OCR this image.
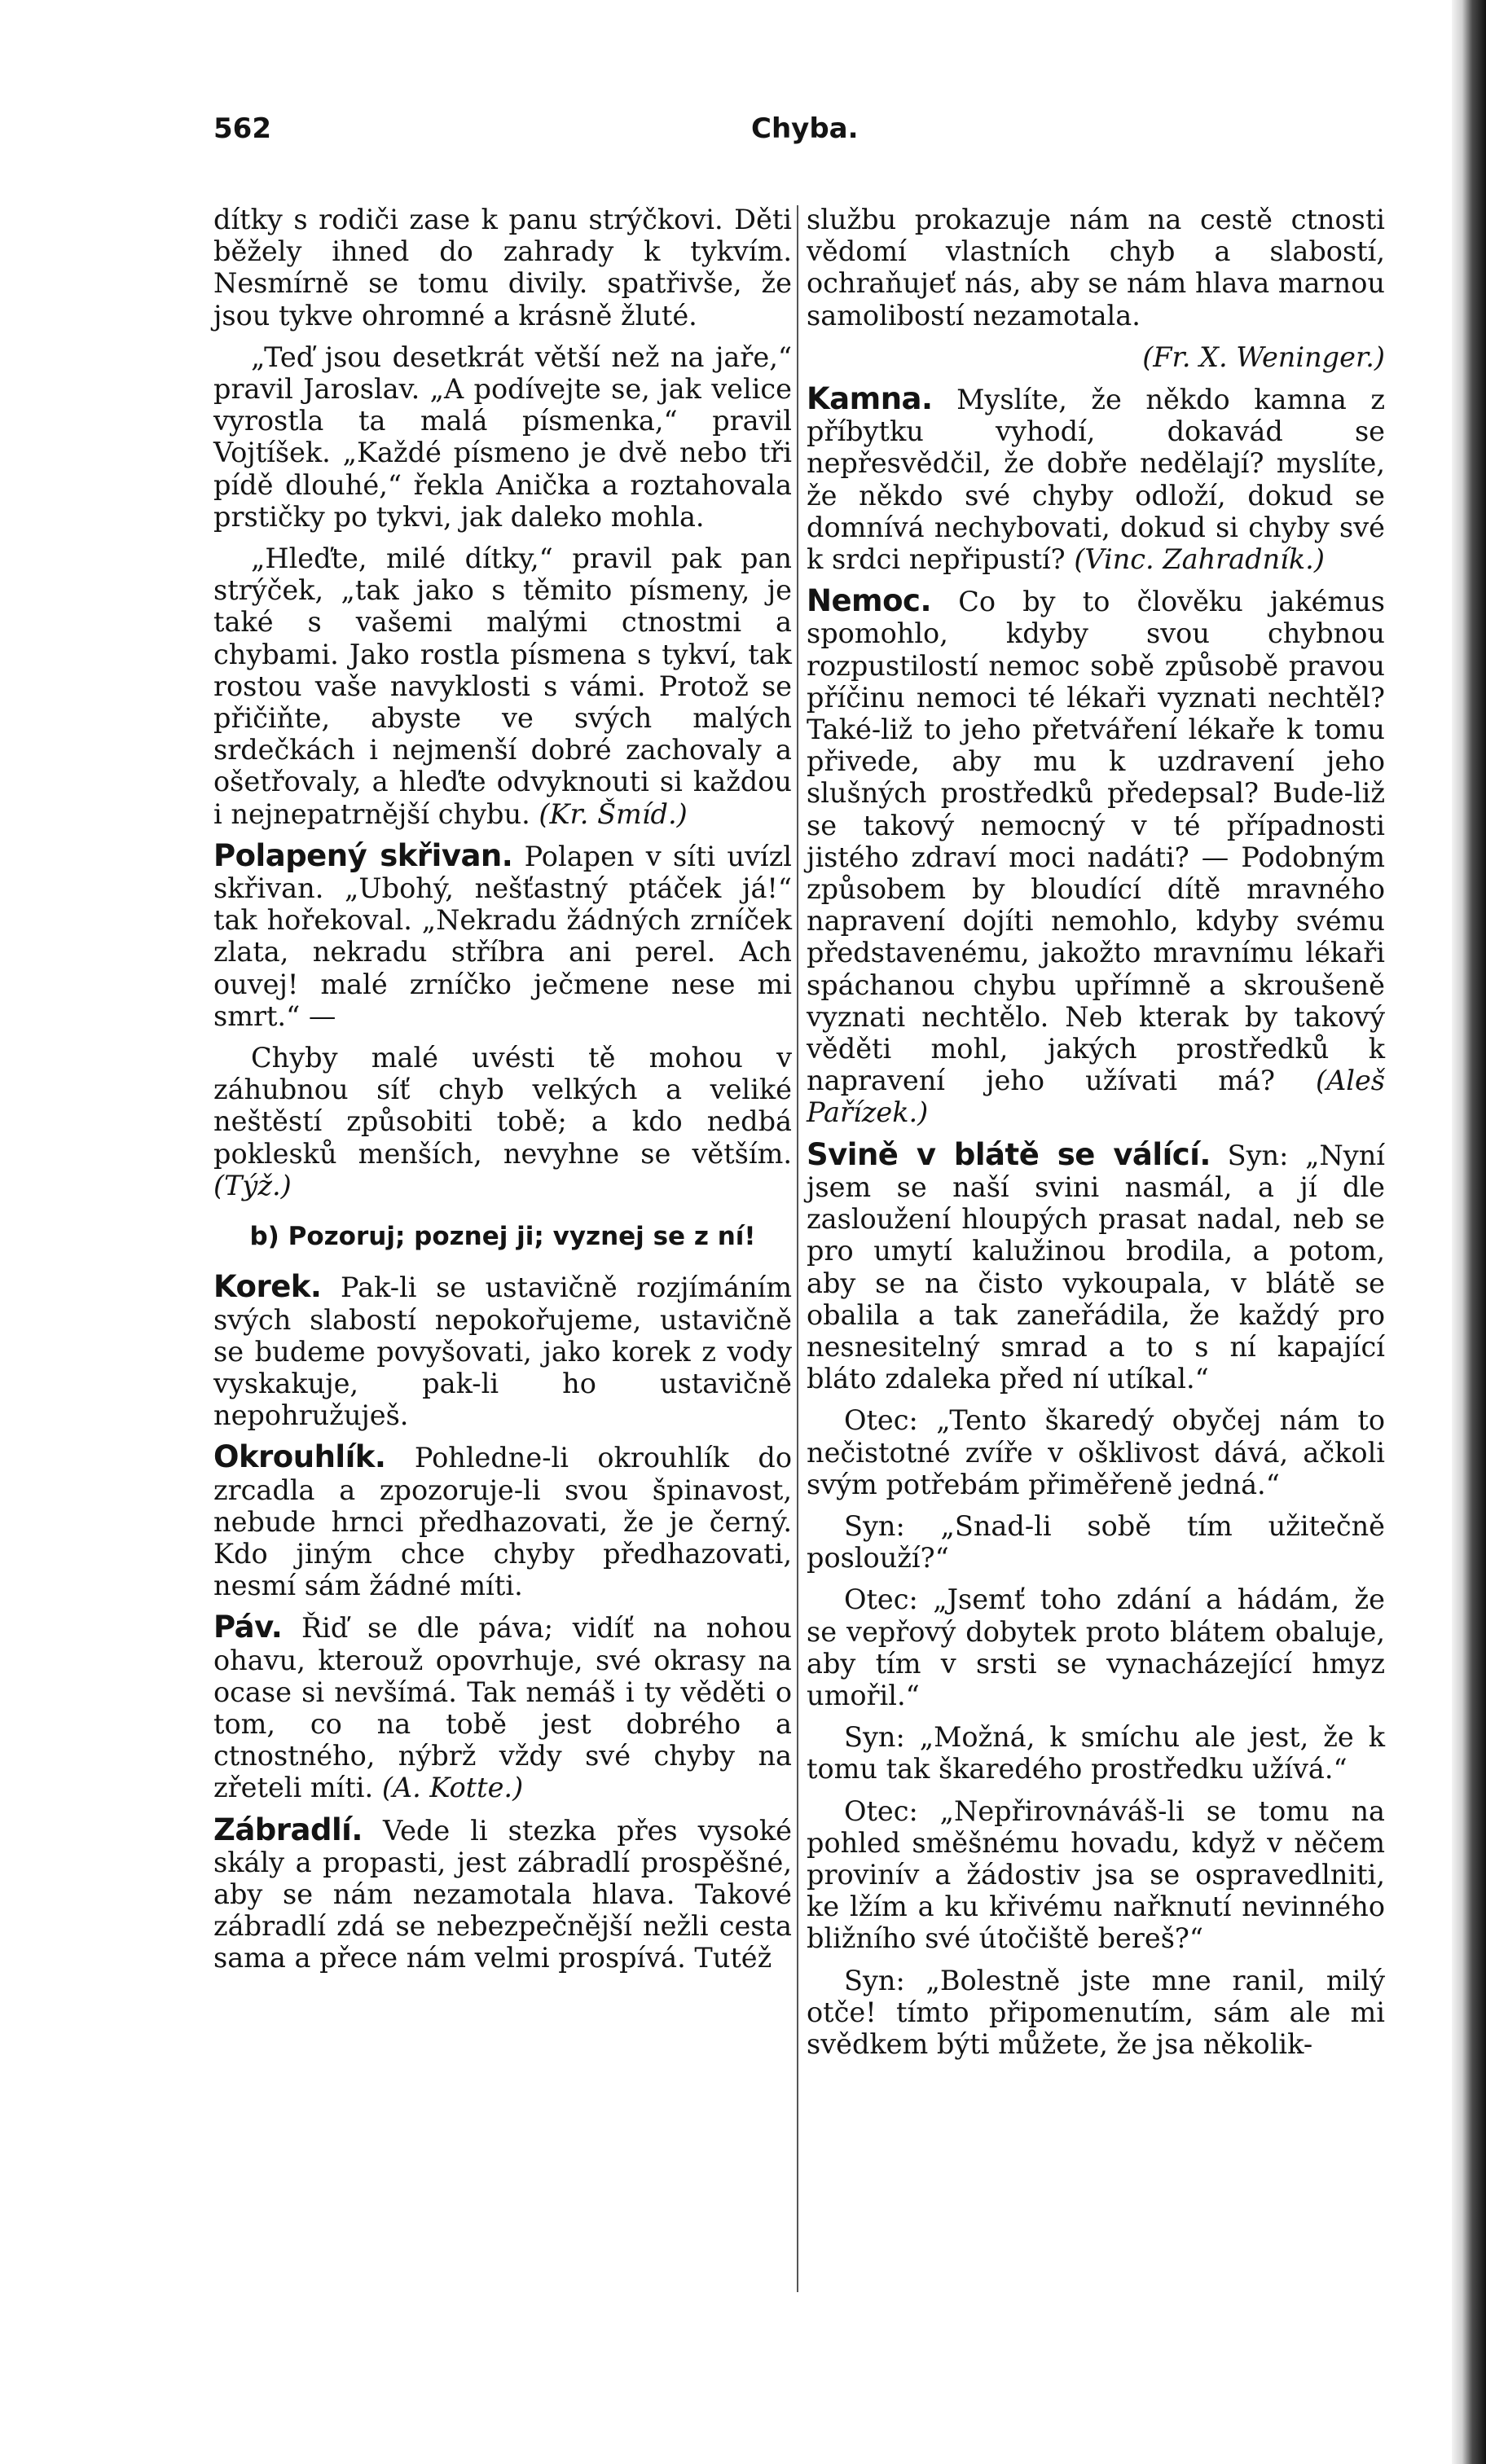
562	Chyba.

dítky s rodiči zase k panu strýčkovi. Děti běžely ihned do zahrady k tykvím. Nesmírně se tomu divily. spatřivše, že jsou tykve ohromné a krásně žluté.

„Teď jsou desetkrát větší než na jaře,“ pravil Jaroslav. „A podívejte se, jak velice vyrostla ta malá písmenka,“ pravil Vojtíšek. „Každé písmeno je dvě nebo tři pídě dlouhé,“ řekla Anička a roztahovala prstičky po tykvi, jak daleko mohla.

„Hleďte, milé dítky,“ pravil pak pan strýček, „tak jako s těmito písmeny, je také s vašemi malými ctnostmi a chybami. Jako rostla písmena s tykví, tak rostou vaše navyklosti s vámi. Protož se přičiňte, abyste ve svých malých srdečkách i nejmenší dobré zachovaly a ošetřovaly, a hleďte odvyknouti si každou i nejnepatrnější chybu. (Kr. Šmíd.)

Polapený skřivan. Polapen v síti uvízl skřivan. „Ubohý, nešťastný ptáček já!“ tak hořekoval. „Nekradu žádných zrníček zlata, nekradu stříbra ani perel. Ach ouvej! malé zrníčko ječmene nese mi smrt.“ —

Chyby malé uvésti tě mohou v záhubnou síť chyb velkých a veliké neštěstí způsobiti tobě; a kdo nedbá poklesků menších, nevyhne se větším. (Týž.)

b) Pozoruj; poznej ji; vyznej se z ní!

Korek. Pak-li se ustavičně rozjímáním svých slabostí nepokořujeme, ustavičně se budeme povyšovati, jako korek z vody vyskakuje, pak-li ho ustavičně nepohružuješ.

Okrouhlík. Pohledne-li okrouhlík do zrcadla a zpozoruje-li svou špinavost, nebude hrnci předhazovati, že je černý. Kdo jiným chce chyby předhazovati, nesmí sám žádné míti.

Páv. Řiď se dle páva; vidíť na nohou ohavu, kterouž opovrhuje, své okrasy na ocase si nevšímá. Tak nemáš i ty věděti o tom, co na tobě jest dobrého a ctnostného, nýbrž vždy své chyby na zřeteli míti. (A. Kotte.)

Zábradlí. Vede li stezka přes vysoké skály a propasti, jest zábradlí prospěšné, aby se nám nezamotala hlava. Takové zábradlí zdá se nebezpečnější nežli cesta sama a přece nám velmi prospívá. Tutéž

službu prokazuje nám na cestě ctnosti vědomí vlastních chyb a slabostí, ochraňujeť nás, aby se nám hlava marnou samolibostí nezamotala.

(Fr. X. Weninger.)

Kamna. Myslíte, že někdo kamna z příbytku vyhodí, dokavád se nepřesvědčil, že dobře nedělají? myslíte, že někdo své chyby odloží, dokud se domnívá nechybovati, dokud si chyby své k srdci nepřipustí? (Vinc. Zahradník.)

Nemoc. Co by to člověku jakémus spomohlo, kdyby svou chybnou rozpustilostí nemoc sobě způsobě pravou příčinu nemoci té lékaři vyznati nechtěl? Také-liž to jeho přetváření lékaře k tomu přivede, aby mu k uzdravení jeho slušných prostředků předepsal? Bude-liž se takový nemocný v té případnosti jistého zdraví moci nadáti? — Podobným způsobem by bloudící dítě mravného napravení dojíti nemohlo, kdyby svému představenému, jakožto mravnímu lékaři spáchanou chybu upřímně a skroušeně vyznati nechtělo. Neb kterak by takový věděti mohl, jakých prostředků k napravení jeho užívati má? (Aleš Pařízek.)

Svině v blátě se válící. Syn: „Nyní jsem se naší svini nasmál, a jí dle zasloužení hloupých prasat nadal, neb se pro umytí kalužinou brodila, a potom, aby se na čisto vykoupala, v blátě se obalila a tak zaneřádila, že každý pro nesnesitelný smrad a to s ní kapající bláto zdaleka před ní utíkal.“

Otec: „Tento škaredý obyčej nám to nečistotné zvíře v ošklivost dává, ačkoli svým potřebám přiměřeně jedná.“

Syn: „Snad-li sobě tím užitečně poslouží?“

Otec: „Jsemť toho zdání a hádám, že se vepřový dobytek proto blátem obaluje, aby tím v srsti se vynacházející hmyz umořil.“

Syn: „Možná, k smíchu ale jest, že k tomu tak škaredého prostředku užívá.“

Otec: „Nepřirovnáváš-li se tomu na pohled směšnému hovadu, když v něčem provinív a žádostiv jsa se ospravedlniti, ke lžím a ku křivému nařknutí nevinného bližního své útočiště bereš?“

Syn: „Bolestně jste mne ranil, milý otče! tímto připomenutím, sám ale mi svědkem býti můžete, že jsa několik-
